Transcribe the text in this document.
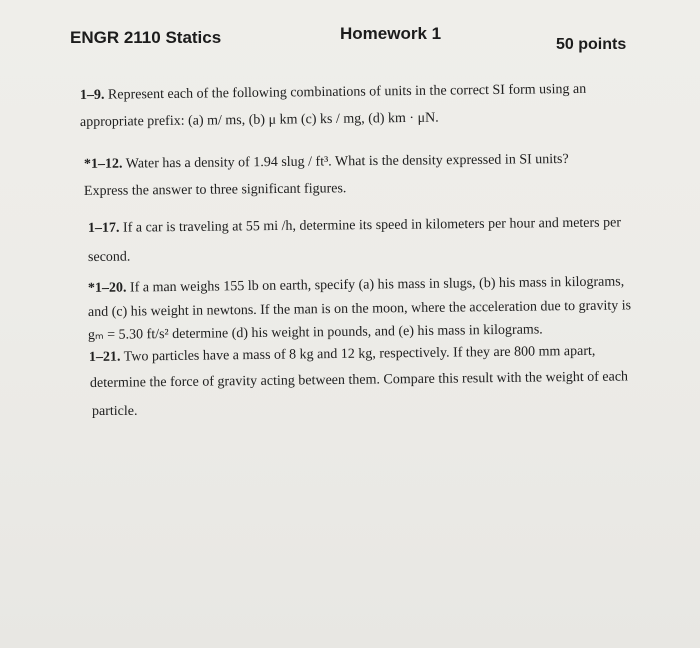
ENGR 2110 Statics	Homework 1
50 points
1–9. Represent each of the following combinations of units in the correct SI form using an
appropriate prefix: (a) m/ ms, (b) μ km (c) ks / mg, (d) km · μN.
*1–12. Water has a density of 1.94 slug / ft³. What is the density expressed in SI units?
Express the answer to three significant figures.
1–17. If a car is traveling at 55 mi /h, determine its speed in kilometers per hour and meters per
second.
*1–20. If a man weighs 155 lb on earth, specify (a) his mass in slugs, (b) his mass in kilograms,
and (c) his weight in newtons. If the man is on the moon, where the acceleration due to gravity is
gₘ = 5.30 ft/s² determine (d) his weight in pounds, and (e) his mass in kilograms.
1–21. Two particles have a mass of 8 kg and 12 kg, respectively. If they are 800 mm apart,
determine the force of gravity acting between them. Compare this result with the weight of each
particle.
